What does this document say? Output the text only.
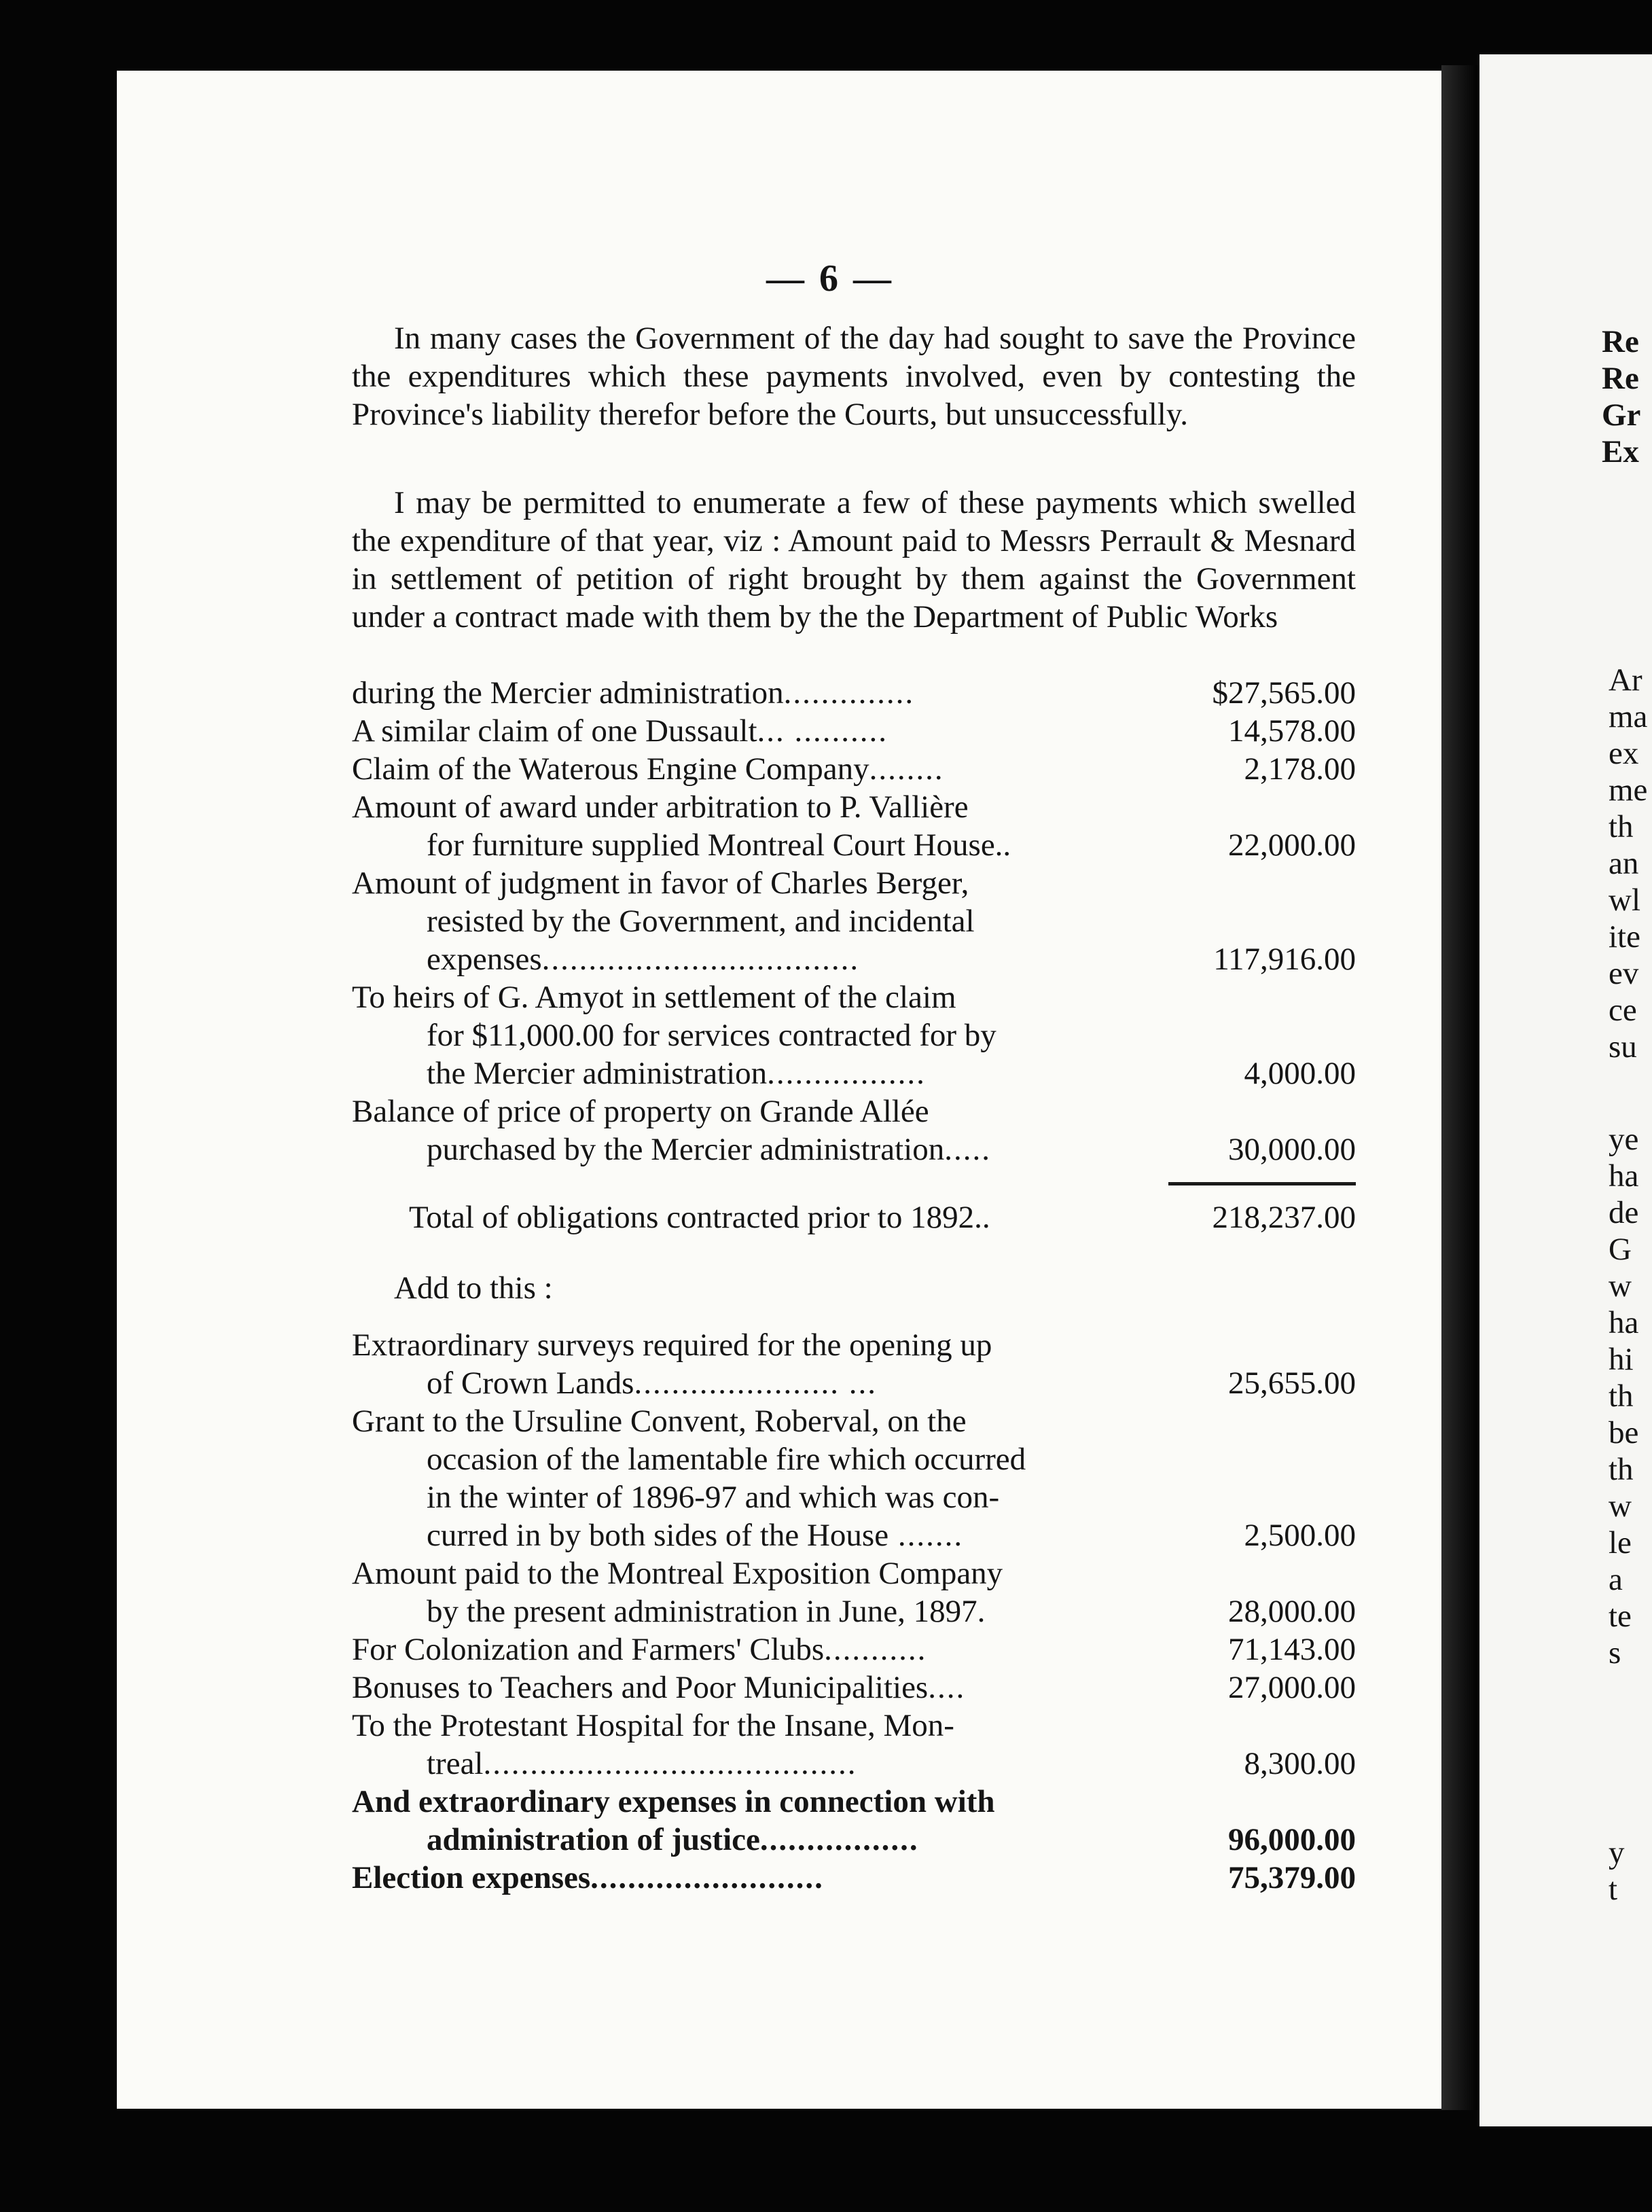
Re
Re
Gr
Ex
Ar
ma
ex
me
th
an
wl
ite
ev
ce
su
ye
ha
de
G
w
ha
hi
th
be
th
w
le
a
te
s
y
t
— 6 —

In many cases the Government of the day had sought to save the Province the expenditures which these payments involved, even by contesting the Province's liability therefor before the Courts, but unsuccessfully.

I may be permitted to enumerate a few of these payments which swelled the expenditure of that year, viz : Amount paid to Messrs Perrault & Mesnard in settlement of petition of right brought by them against the Government under a contract made with them by the the Department of Public Works

during the Mercier administration..............	$27,565.00
A similar claim of one Dussault... ..........	14,578.00
Claim of the Waterous Engine Company........	2,178.00
Amount of award under arbitration to P. Vallière
for furniture supplied Montreal Court House..	22,000.00
Amount of judgment in favor of Charles Berger,
resisted by the Government, and incidental
expenses..................................	117,916.00
To heirs of G. Amyot in settlement of the claim
for $11,000.00 for services contracted for by
the Mercier administration.................	4,000.00
Balance of price of property on Grande Allée
purchased by the Mercier administration.....	30,000.00
Total of obligations contracted prior to 1892..	218,237.00
Add to this :
Extraordinary surveys required for the opening up
of Crown Lands...................... ...	25,655.00
Grant to the Ursuline Convent, Roberval, on the
occasion of the lamentable fire which occurred
in the winter of 1896-97 and which was con-
curred in by both sides of the House .......	2,500.00
Amount paid to the Montreal Exposition Company
by the present administration in June, 1897.	28,000.00
For Colonization and Farmers' Clubs...........	71,143.00
Bonuses to Teachers and Poor Municipalities....	27,000.00
To the Protestant Hospital for the Insane, Mon-
treal........................................	8,300.00
And extraordinary expenses in connection with
administration of justice.................	96,000.00
Election expenses.........................	75,379.00
